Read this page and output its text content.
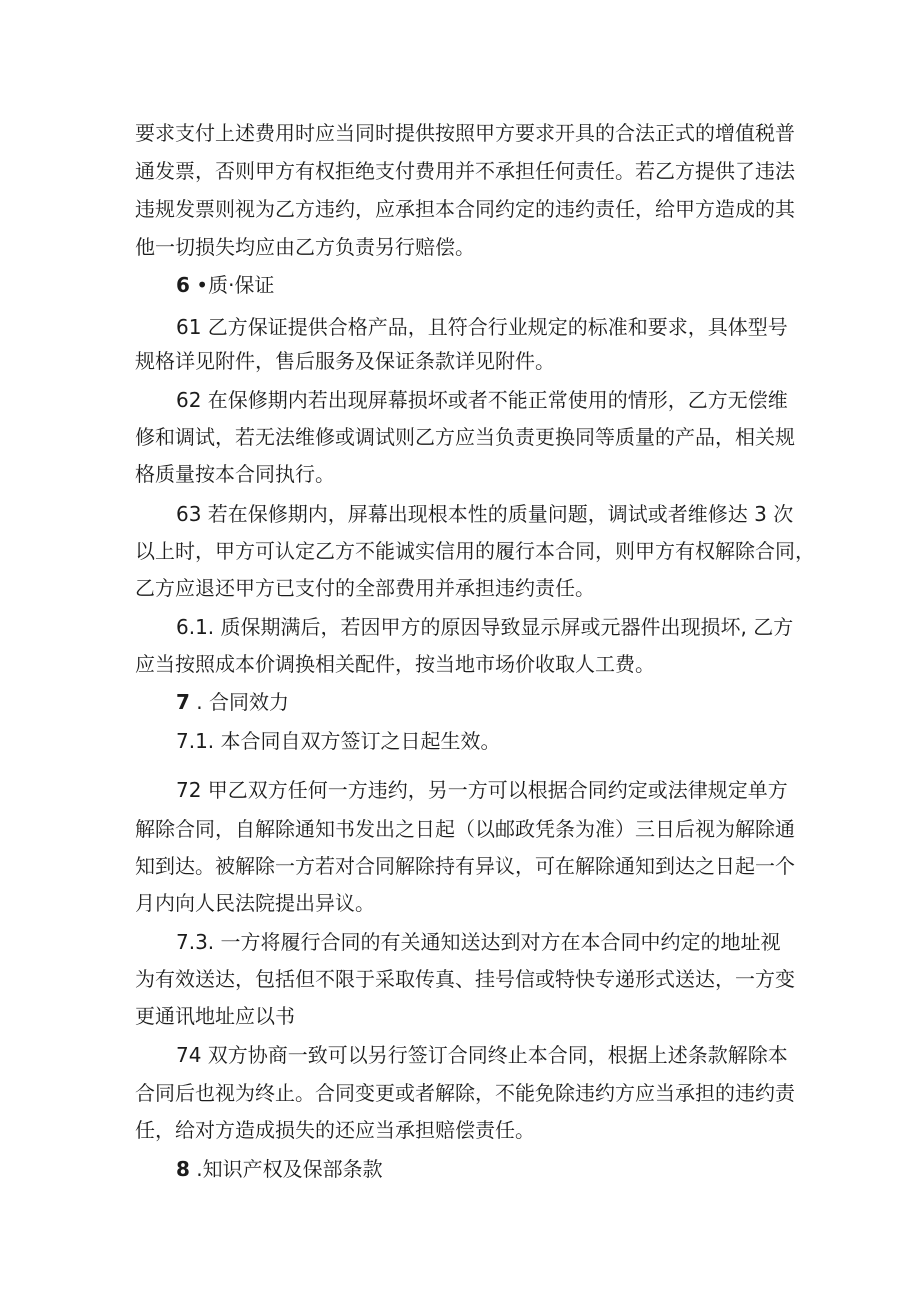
要求支付上述费用时应当同时提供按照甲方要求开具的合法正式的增值税普
通发票，否则甲方有权拒绝支付费用并不承担任何责任。若乙方提供了违法
违规发票则视为乙方违约，应承担本合同约定的违约责任，给甲方造成的其
他一切损失均应由乙方负责另行赔偿。
6 •质·保证
61 乙方保证提供合格产品，且符合行业规定的标准和要求，具体型号
规格详见附件，售后服务及保证条款详见附件。
62 在保修期内若出现屏幕损坏或者不能正常使用的情形，乙方无偿维
修和调试，若无法维修或调试则乙方应当负责更换同等质量的产品，相关规
格质量按本合同执行。
63 若在保修期内，屏幕出现根本性的质量问题，调试或者维修达 3 次
以上时，甲方可认定乙方不能诚实信用的履行本合同，则甲方有权解除合同，
乙方应退还甲方已支付的全部费用并承担违约责任。
6.1. 质保期满后，若因甲方的原因导致显示屏或元器件出现损坏, 乙方
应当按照成本价调换相关配件，按当地市场价收取人工费。
7 . 合同效力
7.1. 本合同自双方签订之日起生效。
72 甲乙双方任何一方违约，另一方可以根据合同约定或法律规定单方
解除合同，自解除通知书发出之日起（以邮政凭条为准）三日后视为解除通
知到达。被解除一方若对合同解除持有异议，可在解除通知到达之日起一个
月内向人民法院提出异议。
7.3. 一方将履行合同的有关通知送达到对方在本合同中约定的地址视
为有效送达，包括但不限于采取传真、挂号信或特快专递形式送达，一方变
更通讯地址应以书
74 双方协商一致可以另行签订合同终止本合同，根据上述条款解除本
合同后也视为终止。合同变更或者解除，不能免除违约方应当承担的违约责
任，给对方造成损失的还应当承担赔偿责任。
8 .知识产权及保部条款
